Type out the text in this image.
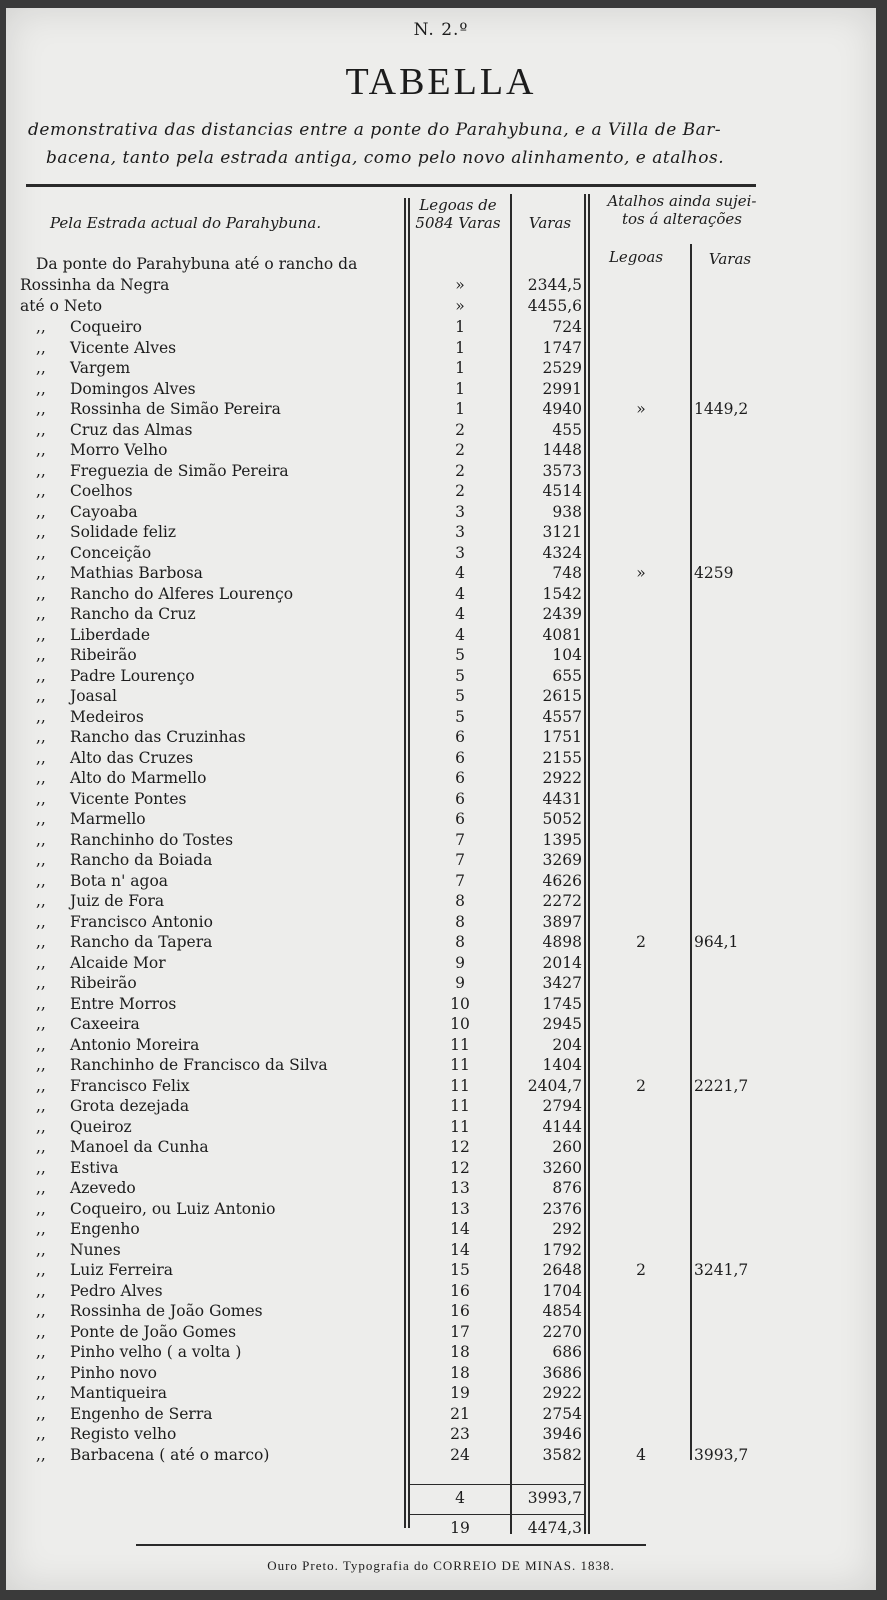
N. 2.º
TABELLA
demonstrativa das distancias entre a ponte do Parahybuna, e a Villa de Bar-
bacena, tanto pela estrada antiga, como pelo novo alinhamento, e atalhos.
Pela Estrada actual do Parahybuna.
Legoas de 5084 Varas	Varas
Atalhos ainda sujei- tos á alterações
Legoas	Varas
Da ponte do Parahybuna até o rancho da
Rossinha da Negra	»	2344,5
até o Neto	»	4455,6
,,	Coqueiro	1	724
,,	Vicente Alves	1	1747
,,	Vargem	1	2529
,,	Domingos Alves	1	2991
,,	Rossinha de Simão Pereira	1	4940	»	1449,2
,,	Cruz das Almas	2	455
,,	Morro Velho	2	1448
,,	Freguezia de Simão Pereira	2	3573
,,	Coelhos	2	4514
,,	Cayoaba	3	938
,,	Solidade feliz	3	3121
,,	Conceição	3	4324
,,	Mathias Barbosa	4	748	»	4259
,,	Rancho do Alferes Lourenço	4	1542
,,	Rancho da Cruz	4	2439
,,	Liberdade	4	4081
,,	Ribeirão	5	104
,,	Padre Lourenço	5	655
,,	Joasal	5	2615
,,	Medeiros	5	4557
,,	Rancho das Cruzinhas	6	1751
,,	Alto das Cruzes	6	2155
,,	Alto do Marmello	6	2922
,,	Vicente Pontes	6	4431
,,	Marmello	6	5052
,,	Ranchinho do Tostes	7	1395
,,	Rancho da Boiada	7	3269
,,	Bota n' agoa	7	4626
,,	Juiz de Fora	8	2272
,,	Francisco Antonio	8	3897
,,	Rancho da Tapera	8	4898	2	964,1
,,	Alcaide Mor	9	2014
,,	Ribeirão	9	3427
,,	Entre Morros	10	1745
,,	Caxeeira	10	2945
,,	Antonio Moreira	11	204
,,	Ranchinho de Francisco da Silva	11	1404
,,	Francisco Felix	11	2404,7	2	2221,7
,,	Grota dezejada	11	2794
,,	Queiroz	11	4144
,,	Manoel da Cunha	12	260
,,	Estiva	12	3260
,,	Azevedo	13	876
,,	Coqueiro, ou Luiz Antonio	13	2376
,,	Engenho	14	292
,,	Nunes	14	1792
,,	Luiz Ferreira	15	2648	2	3241,7
,,	Pedro Alves	16	1704
,,	Rossinha de João Gomes	16	4854
,,	Ponte de João Gomes	17	2270
,,	Pinho velho ( a volta )	18	686
,,	Pinho novo	18	3686
,,	Mantiqueira	19	2922
,,	Engenho de Serra	21	2754
,,	Registo velho	23	3946
,,	Barbacena ( até o marco)	24	3582	4	3993,7
4	3993,7
19	4474,3
Ouro Preto. Typografia do CORREIO DE MINAS. 1838.
